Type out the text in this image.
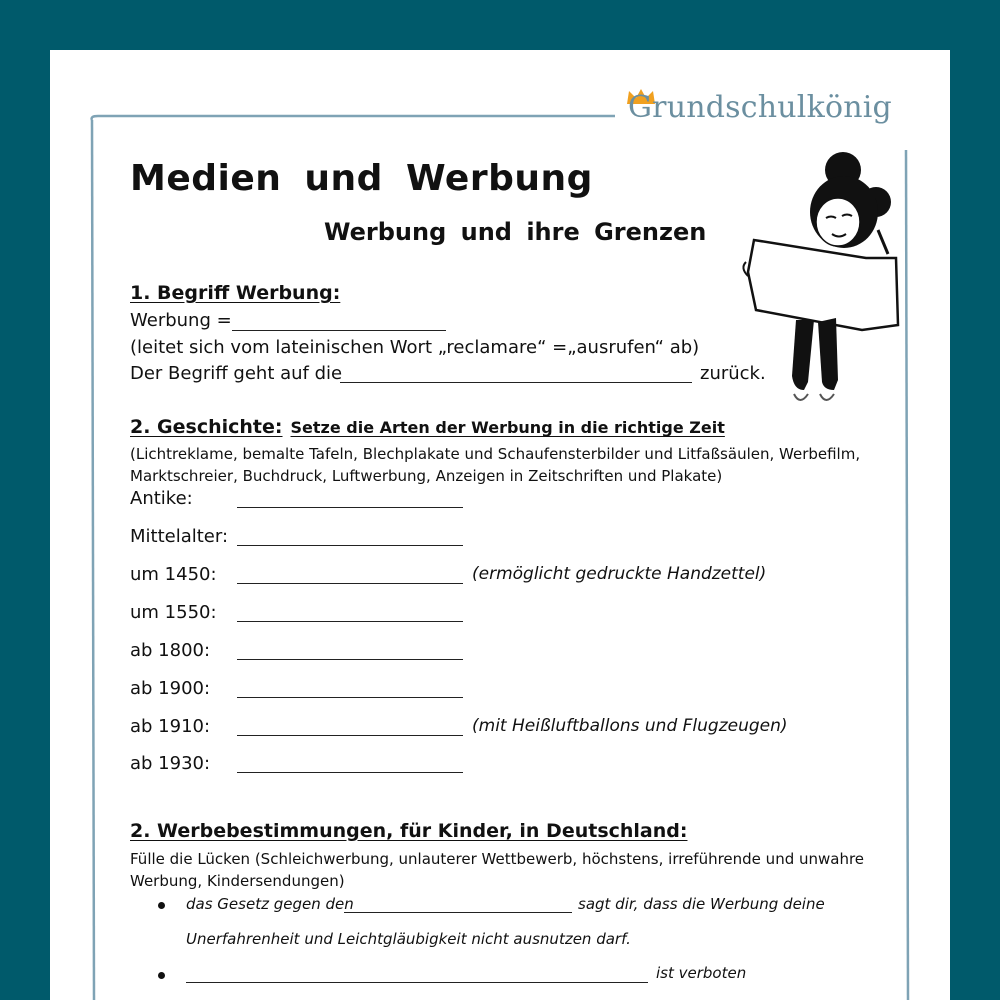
Grundschulkönig
Medien und Werbung
Werbung und ihre Grenzen
1. Begriff Werbung:
Werbung =
(leitet sich vom lateinischen Wort „reclamare“ =„ausrufen“ ab)
Der Begriff geht auf die	zurück.
2. Geschichte: Setze die Arten der Werbung in die richtige Zeit
(Lichtreklame, bemalte Tafeln, Blechplakate und Schaufensterbilder und Litfaßsäulen, Werbefilm,
Marktschreier, Buchdruck, Luftwerbung, Anzeigen in Zeitschriften und Plakate)
Antike:
Mittelalter:
um 1450:	(ermöglicht gedruckte Handzettel)
um 1550:
ab 1800:
ab 1900:
ab 1910:	(mit Heißluftballons und Flugzeugen)
ab 1930:
2. Werbebestimmungen, für Kinder, in Deutschland:
Fülle die Lücken (Schleichwerbung, unlauterer Wettbewerb, höchstens, irreführende und unwahre
Werbung, Kindersendungen)
das Gesetz gegen den	sagt dir, dass die Werbung deine
Unerfahrenheit und Leichtgläubigkeit nicht ausnutzen darf.
ist verboten
